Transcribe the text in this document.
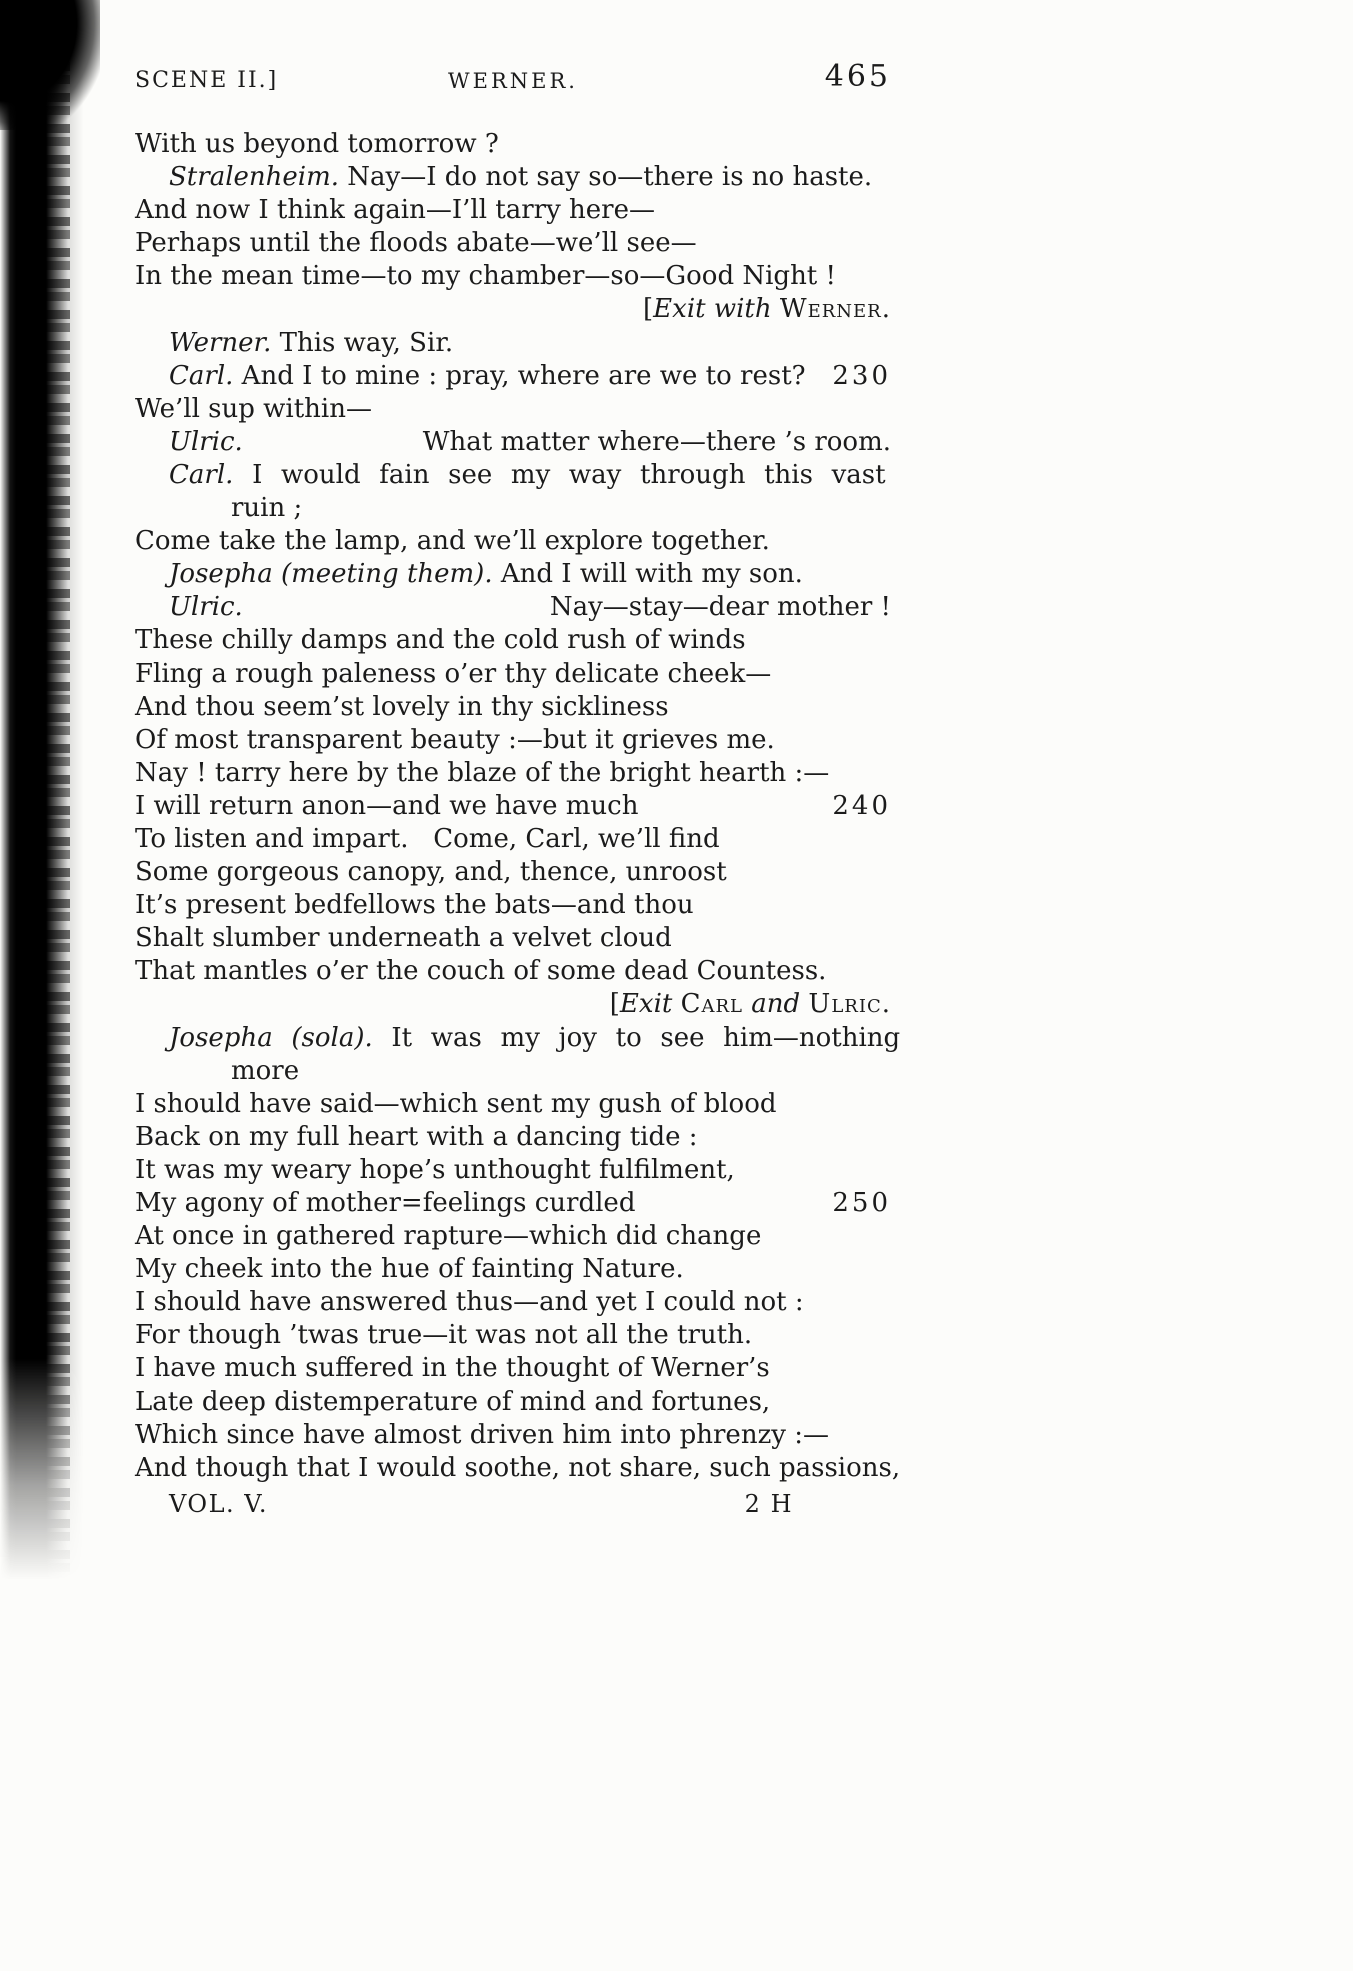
SCENE II.]	WERNER.	465
With us beyond tomorrow ?
Stralenheim. Nay—I do not say so—there is no haste.
And now I think again—I’ll tarry here—
Perhaps until the floods abate—we’ll see—
In the mean time—to my chamber—so—Good Night !
[Exit with Werner.
Werner. This way, Sir.
Carl. And I to mine : pray, where are we to rest? 230
We’ll sup within—
Ulric.	What matter where—there ’s room.
Carl. I would fain see my way through this vast
ruin ;
Come take the lamp, and we’ll explore together.
Josepha (meeting them). And I will with my son.
Ulric.	Nay—stay—dear mother !
These chilly damps and the cold rush of winds
Fling a rough paleness o’er thy delicate cheek—
And thou seem’st lovely in thy sickliness
Of most transparent beauty :—but it grieves me.
Nay ! tarry here by the blaze of the bright hearth :—
I will return anon—and we have much	240
To listen and impart.   Come, Carl, we’ll find
Some gorgeous canopy, and, thence, unroost
It’s present bedfellows the bats—and thou
Shalt slumber underneath a velvet cloud
That mantles o’er the couch of some dead Countess.
[Exit Carl and Ulric.
Josepha (sola). It was my joy to see him—nothing
more
I should have said—which sent my gush of blood
Back on my full heart with a dancing tide :
It was my weary hope’s unthought fulfilment,
My agony of mother=feelings curdled	250
At once in gathered rapture—which did change
My cheek into the hue of fainting Nature.
I should have answered thus—and yet I could not :
For though ’twas true—it was not all the truth.
I have much suffered in the thought of Werner’s
Late deep distemperature of mind and fortunes,
Which since have almost driven him into phrenzy :—
And though that I would soothe, not share, such passions,
VOL. V.	2 H
